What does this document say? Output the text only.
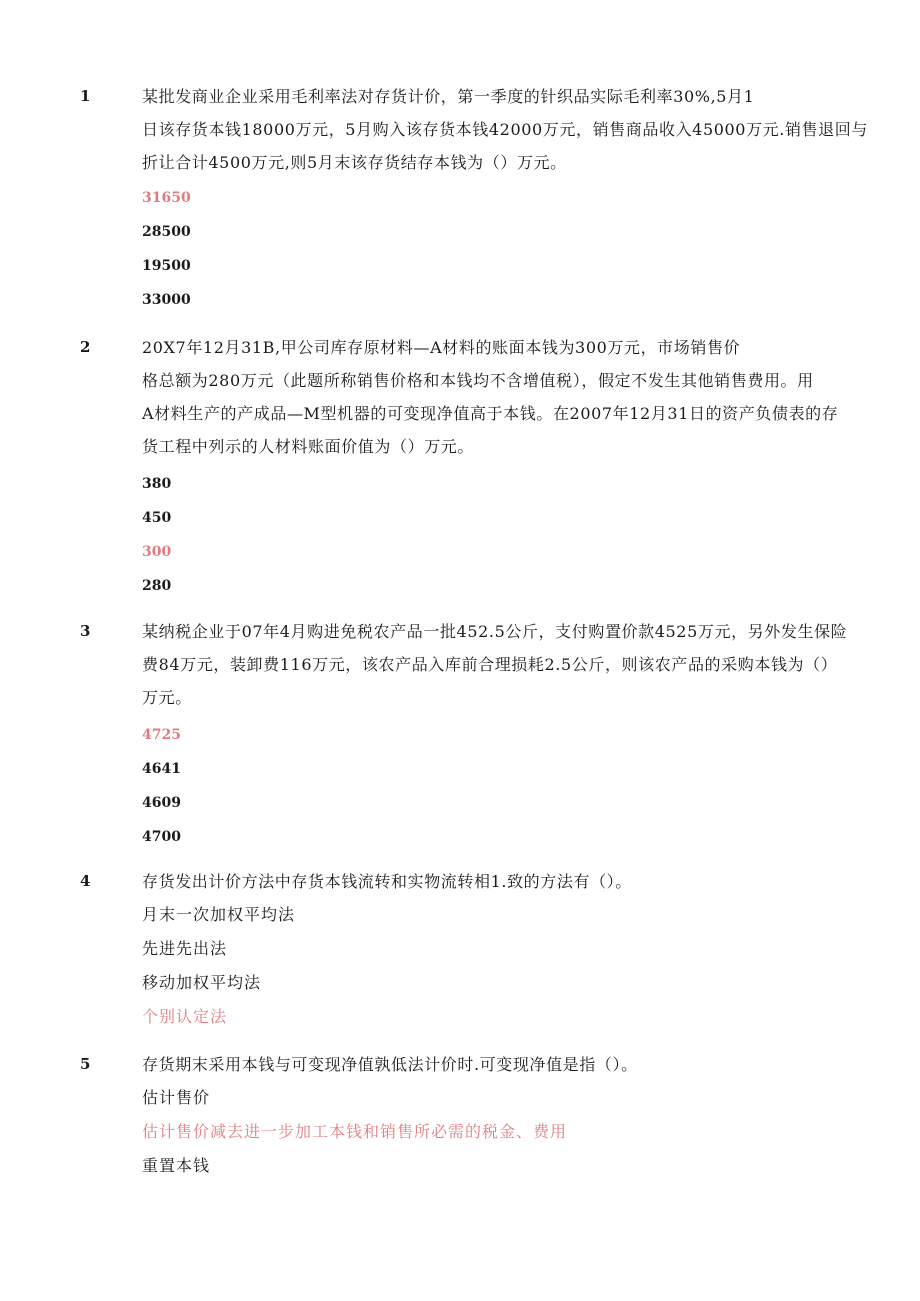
1	某批发商业企业采用毛利率法对存货计价，第一季度的针织品实际毛利率30%,5月1
日该存货本钱18000万元，5月购入该存货本钱42000万元，销售商品收入45000万元.销售退回与
折让合计4500万元,则5月末该存货结存本钱为（）万元。
31650
28500
19500
33000
2	20X7年12月31B,甲公司库存原材料—A材料的账面本钱为300万元，市场销售价
格总额为280万元（此题所称销售价格和本钱均不含增值税），假定不发生其他销售费用。用
A材料生产的产成品—M型机器的可变现净值高于本钱。在2007年12月31日的资产负债表的存
货工程中列示的人材料账面价值为（）万元。
380
450
300
280
3	某纳税企业于07年4月购进免税农产品一批452.5公斤，支付购置价款4525万元，另外发生保险
费84万元，装卸费116万元，该农产品入库前合理损耗2.5公斤，则该农产品的采购本钱为（）
万元。
4725
4641
4609
4700
4	存货发出计价方法中存货本钱流转和实物流转相1.致的方法有（）。
月末一次加权平均法
先进先出法
移动加权平均法
个别认定法
5	存货期末采用本钱与可变现净值孰低法计价时.可变现净值是指（）。
估计售价
估计售价减去进一步加工本钱和销售所必需的税金、费用
重置本钱
